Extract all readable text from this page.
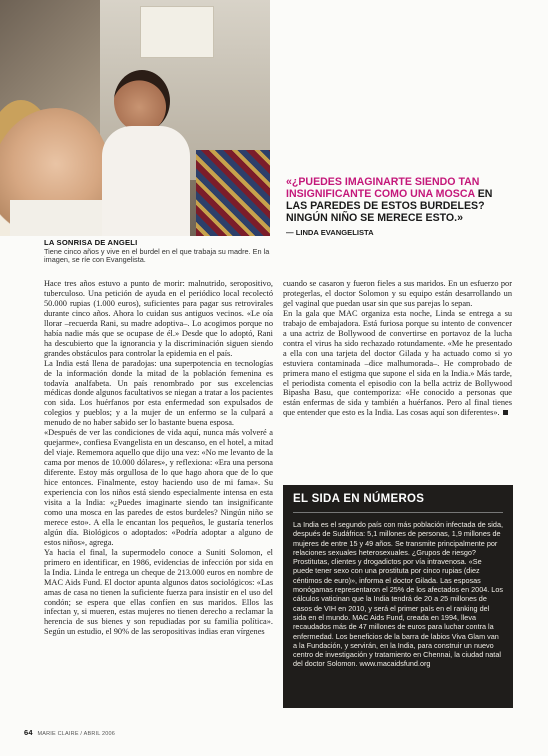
LA SONRISA DE ANGELI
Tiene cinco años y vive en el burdel en el que trabaja su madre. En la imagen, se ríe con Evangelista.
«¿PUEDES IMAGINARTE SIENDO TAN INSIGNIFICANTE COMO UNA MOSCA EN LAS PAREDES DE ESTOS BURDELES? NINGÚN NIÑO SE MERECE ESTO.»
— LINDA EVANGELISTA

Hace tres años estuvo a punto de morir: malnutrido, seropositivo, tuberculoso. Una petición de ayuda en el periódico local recolectó 50.000 rupias (1.000 euros), suficientes para pagar sus retrovirales durante cinco años. Ahora lo cuidan sus antiguos vecinos. «Le oía llorar –recuerda Rani, su madre adoptiva–. Lo acogimos porque no había nadie más que se ocupase de él.» Desde que lo adoptó, Rani ha descubierto que la ignorancia y la discriminación siguen siendo grandes obstáculos para controlar la epidemia en el país.

La India está llena de paradojas: una superpotencia en tecnologías de la información donde la mitad de la población femenina es todavía analfabeta. Un país renombrado por sus excelencias médicas donde algunos facultativos se niegan a tratar a los pacientes con sida. Los huérfanos por esta enfermedad son expulsados de colegios y pueblos; y a la mujer de un enfermo se la culpará a menudo de no haber sabido ser lo bastante buena esposa.

«Después de ver las condiciones de vida aquí, nunca más volveré a quejarme», confiesa Evangelista en un descanso, en el hotel, a mitad del viaje. Rememora aquello que dijo una vez: «No me levanto de la cama por menos de 10.000 dólares», y reflexiona: «Era una persona diferente. Estoy más orgullosa de lo que hago ahora que de lo que hice entonces. Finalmente, estoy haciendo uso de mi fama». Su experiencia con los niños está siendo especialmente intensa en esta visita a la India: «¿Puedes imaginarte siendo tan insignificante como una mosca en las paredes de estos burdeles? Ningún niño se merece esto». A ella le encantan los pequeños, le gustaría tenerlos algún día. Biológicos o adoptados: «Podría adoptar a alguno de estos niños», agrega.

Ya hacia el final, la supermodelo conoce a Suniti Solomon, el primero en identificar, en 1986, evidencias de infección por sida en la India. Linda le entrega un cheque de 213.000 euros en nombre de MAC Aids Fund. El doctor apunta algunos datos sociológicos: «Las amas de casa no tienen la suficiente fuerza para insistir en el uso del condón; se espera que ellas confíen en sus maridos. Ellos las infectan y, si mueren, estas mujeres no tienen derecho a reclamar la herencia de sus bienes y son repudiadas por su familia política». Según un estudio, el 90% de las seropositivas indias eran vírgenes

cuando se casaron y fueron fieles a sus maridos. En un esfuerzo por protegerlas, el doctor Solomon y su equipo están desarrollando un gel vaginal que puedan usar sin que sus parejas lo sepan.

En la gala que MAC organiza esta noche, Linda se entrega a su trabajo de embajadora. Está furiosa porque su intento de convencer a una actriz de Bollywood de convertirse en portavoz de la lucha contra el virus ha sido rechazado rotundamente. «Me he presentado a ella con una tarjeta del doctor Gilada y ha actuado como si yo estuviera contaminada –dice malhumorada–. He comprobado de primera mano el estigma que supone el sida en la India.» Más tarde, el periodista comenta el episodio con la bella actriz de Bollywood Bipasha Basu, que contemporiza: «He conocido a personas que están enfermas de sida y también a huérfanos. Pero al final tienes que entender que esto es la India. Las cosas aquí son diferentes».

EL SIDA EN NÚMEROS
La India es el segundo país con más población infectada de sida, después de Sudáfrica: 5,1 millones de personas, 1,9 millones de mujeres de entre 15 y 49 años. Se transmite principalmente por relaciones sexuales heterosexuales. ¿Grupos de riesgo? Prostitutas, clientes y drogadictos por vía intravenosa. «Se puede tener sexo con una prostituta por cinco rupias (diez céntimos de euro)», informa el doctor Gilada. Las esposas monógamas representaron el 25% de los afectados en 2004. Los cálculos vaticinan que la India tendrá de 20 a 25 millones de casos de VIH en 2010, y será el primer país en el ranking del sida en el mundo. MAC Aids Fund, creada en 1994, lleva recaudados más de 47 millones de euros para luchar contra la enfermedad. Los beneficios de la barra de labios Viva Glam van a la Fundación, y servirán, en la India, para construir un nuevo centro de investigación y tratamiento en Chennai, la ciudad natal del doctor Solomon. www.macaidsfund.org
64 MARIE CLAIRE / ABRIL 2006
